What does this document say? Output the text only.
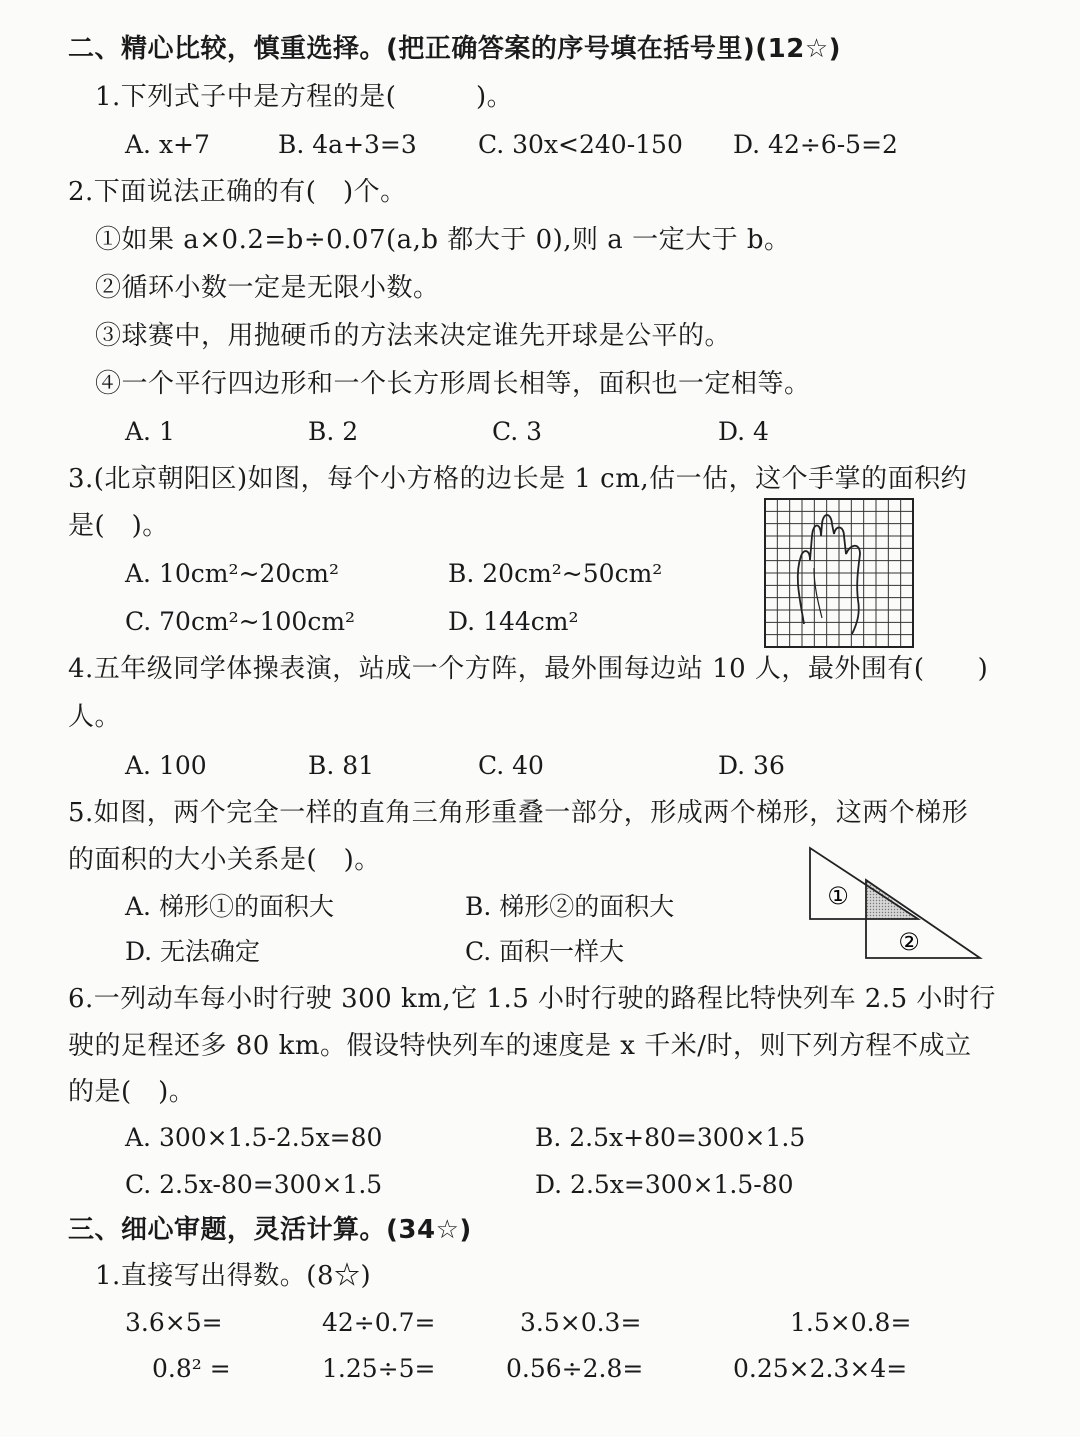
二、精心比较，慎重选择。(把正确答案的序号填在括号里)(12☆)
1.下列式子中是方程的是(　　　)。
A. x+7	B. 4a+3=3 C. 30x<240-150 D. 42÷6-5=2
2.下面说法正确的有(　)个。
①如果 a×0.2=b÷0.07(a,b 都大于 0),则 a 一定大于 b。
②循环小数一定是无限小数。
③球赛中，用抛硬币的方法来决定谁先开球是公平的。
④一个平行四边形和一个长方形周长相等，面积也一定相等。
A. 1	B. 2	C. 3	D. 4
3.(北京朝阳区)如图，每个小方格的边长是 1 cm,估一估，这个手掌的面积约
是(　)。
A. 10cm²~20cm²	B. 20cm²~50cm²
C. 70cm²~100cm²	D. 144cm²
4.五年级同学体操表演，站成一个方阵，最外围每边站 10 人，最外围有(　　)
人。
A. 100	B. 81	C. 40	D. 36
5.如图，两个完全一样的直角三角形重叠一部分，形成两个梯形，这两个梯形
的面积的大小关系是(　)。
A. 梯形①的面积大	B. 梯形②的面积大
D. 无法确定	C. 面积一样大
①
②
6.一列动车每小时行驶 300 km,它 1.5 小时行驶的路程比特快列车 2.5 小时行
驶的足程还多 80 km。假设特快列车的速度是 x 千米/时，则下列方程不成立
的是(　)。
A. 300×1.5-2.5x=80	B. 2.5x+80=300×1.5
C. 2.5x-80=300×1.5	D. 2.5x=300×1.5-80
三、细心审题，灵活计算。(34☆)
1.直接写出得数。(8☆)
3.6×5=	42÷0.7=	3.5×0.3=	1.5×0.8=
0.8² =	1.25÷5=	0.56÷2.8=	0.25×2.3×4=
